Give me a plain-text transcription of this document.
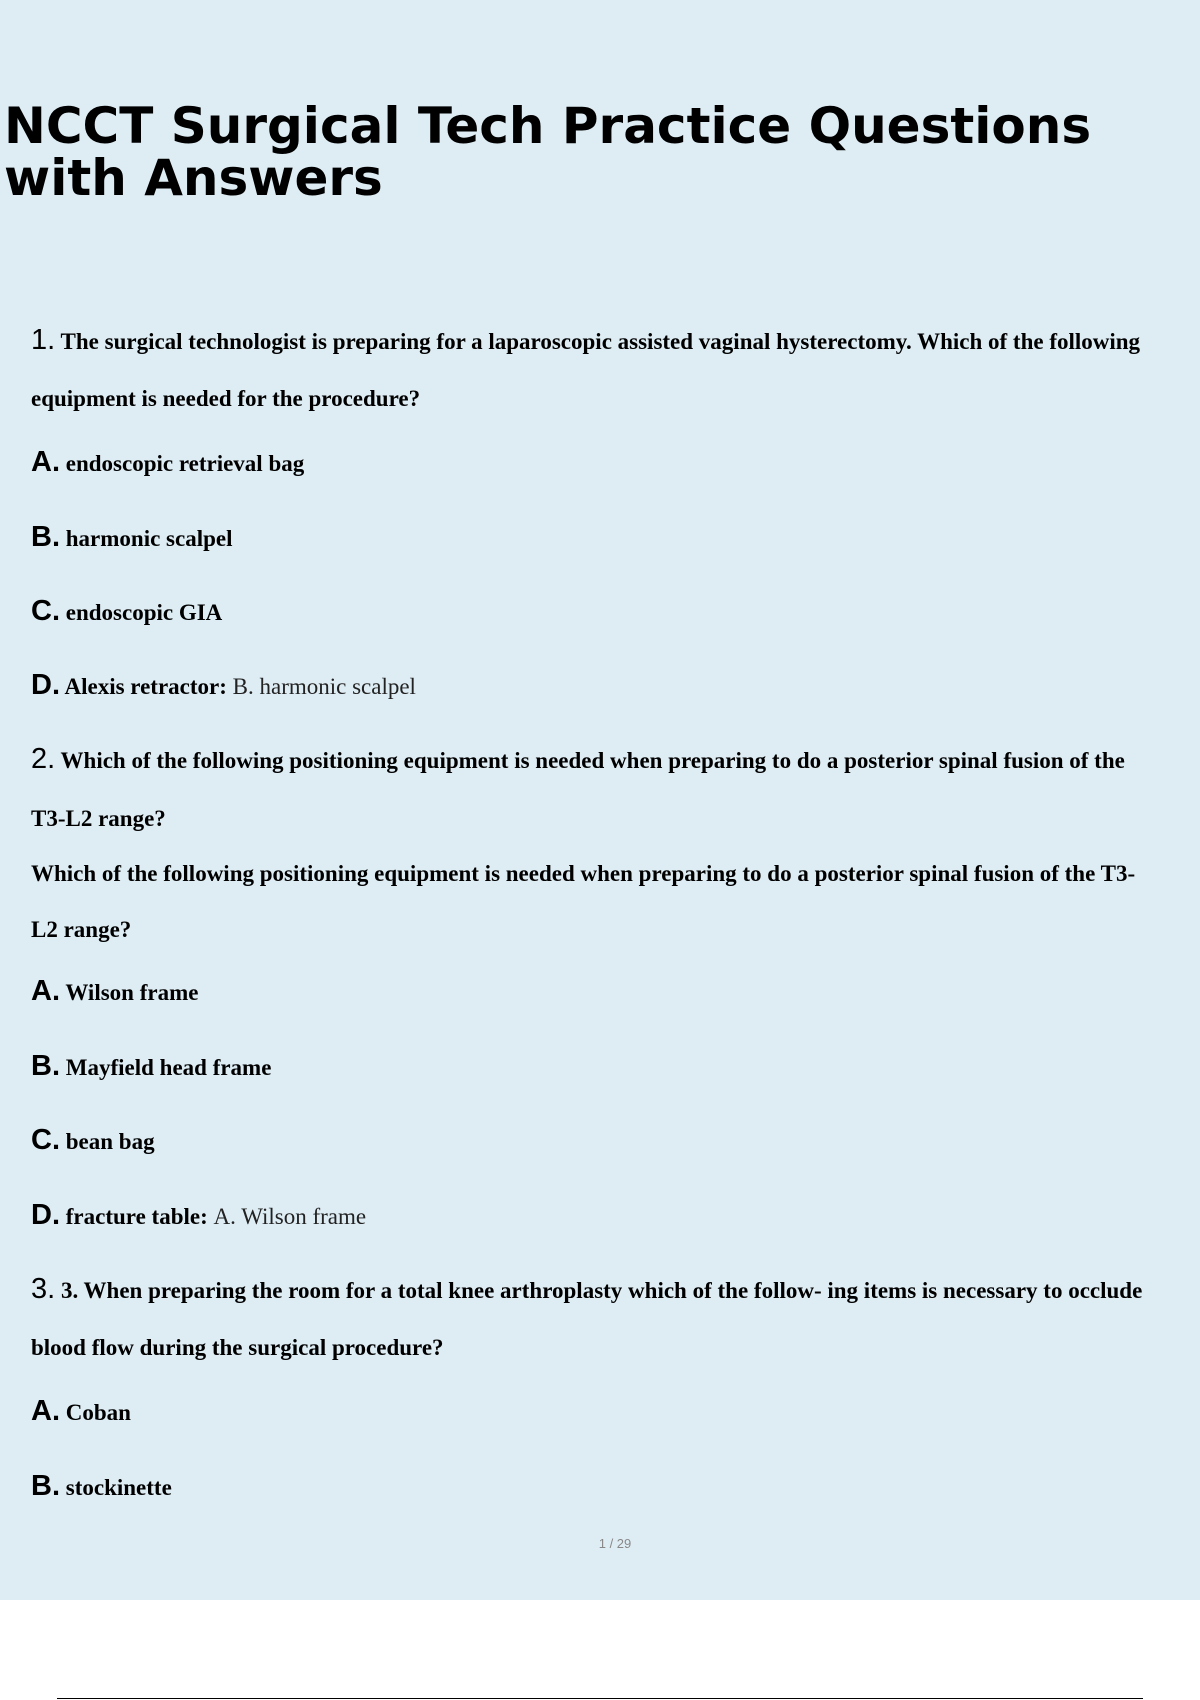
NCCT Surgical Tech Practice Questions with Answers

1. The surgical technologist is preparing for a laparoscopic assisted vaginal hysterectomy. Which of the following

equipment is needed for the procedure?

A. endoscopic retrieval bag

B. harmonic scalpel

C. endoscopic GIA

D. Alexis retractor: B. harmonic scalpel

2. Which of the following positioning equipment is needed when preparing to do a posterior spinal fusion of the

T3-L2 range?

Which of the following positioning equipment is needed when preparing to do a posterior spinal fusion of the T3-

L2 range?

A. Wilson frame

B. Mayfield head frame

C. bean bag

D. fracture table: A. Wilson frame

3. 3. When preparing the room for a total knee arthroplasty which of the follow- ing items is necessary to occlude

blood flow during the surgical procedure?

A. Coban

B. stockinette

1 / 29
